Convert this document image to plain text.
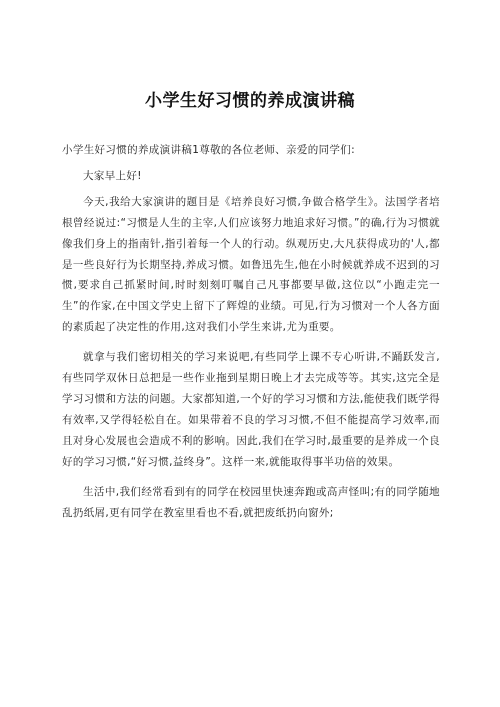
小学生好习惯的养成演讲稿

小学生好习惯的养成演讲稿1尊敬的各位老师、亲爱的同学们:

大家早上好!

今天,我给大家演讲的题目是《培养良好习惯,争做合格学生》。法国学者培根曾经说过:“习惯是人生的主宰,人们应该努力地追求好习惯。”的确,行为习惯就像我们身上的指南针,指引着每一个人的行动。纵观历史,大凡获得成功的'人,都是一些良好行为长期坚持,养成习惯。如鲁迅先生,他在小时候就养成不迟到的习惯,要求自己抓紧时间,时时刻刻叮嘱自己凡事都要早做,这位以“小跑走完一生”的作家,在中国文学史上留下了辉煌的业绩。可见,行为习惯对一个人各方面的素质起了决定性的作用,这对我们小学生来讲,尤为重要。

就拿与我们密切相关的学习来说吧,有些同学上课不专心听讲,不踊跃发言,有些同学双休日总把是一些作业拖到星期日晚上才去完成等等。其实,这完全是学习习惯和方法的问题。大家都知道,一个好的学习习惯和方法,能使我们既学得有效率,又学得轻松自在。如果带着不良的学习习惯,不但不能提高学习效率,而且对身心发展也会造成不利的影响。因此,我们在学习时,最重要的是养成一个良好的学习习惯,“好习惯,益终身”。这样一来,就能取得事半功倍的效果。

生活中,我们经常看到有的同学在校园里快速奔跑或高声怪叫;有的同学随地乱扔纸屑,更有同学在教室里看也不看,就把废纸扔向窗外;
